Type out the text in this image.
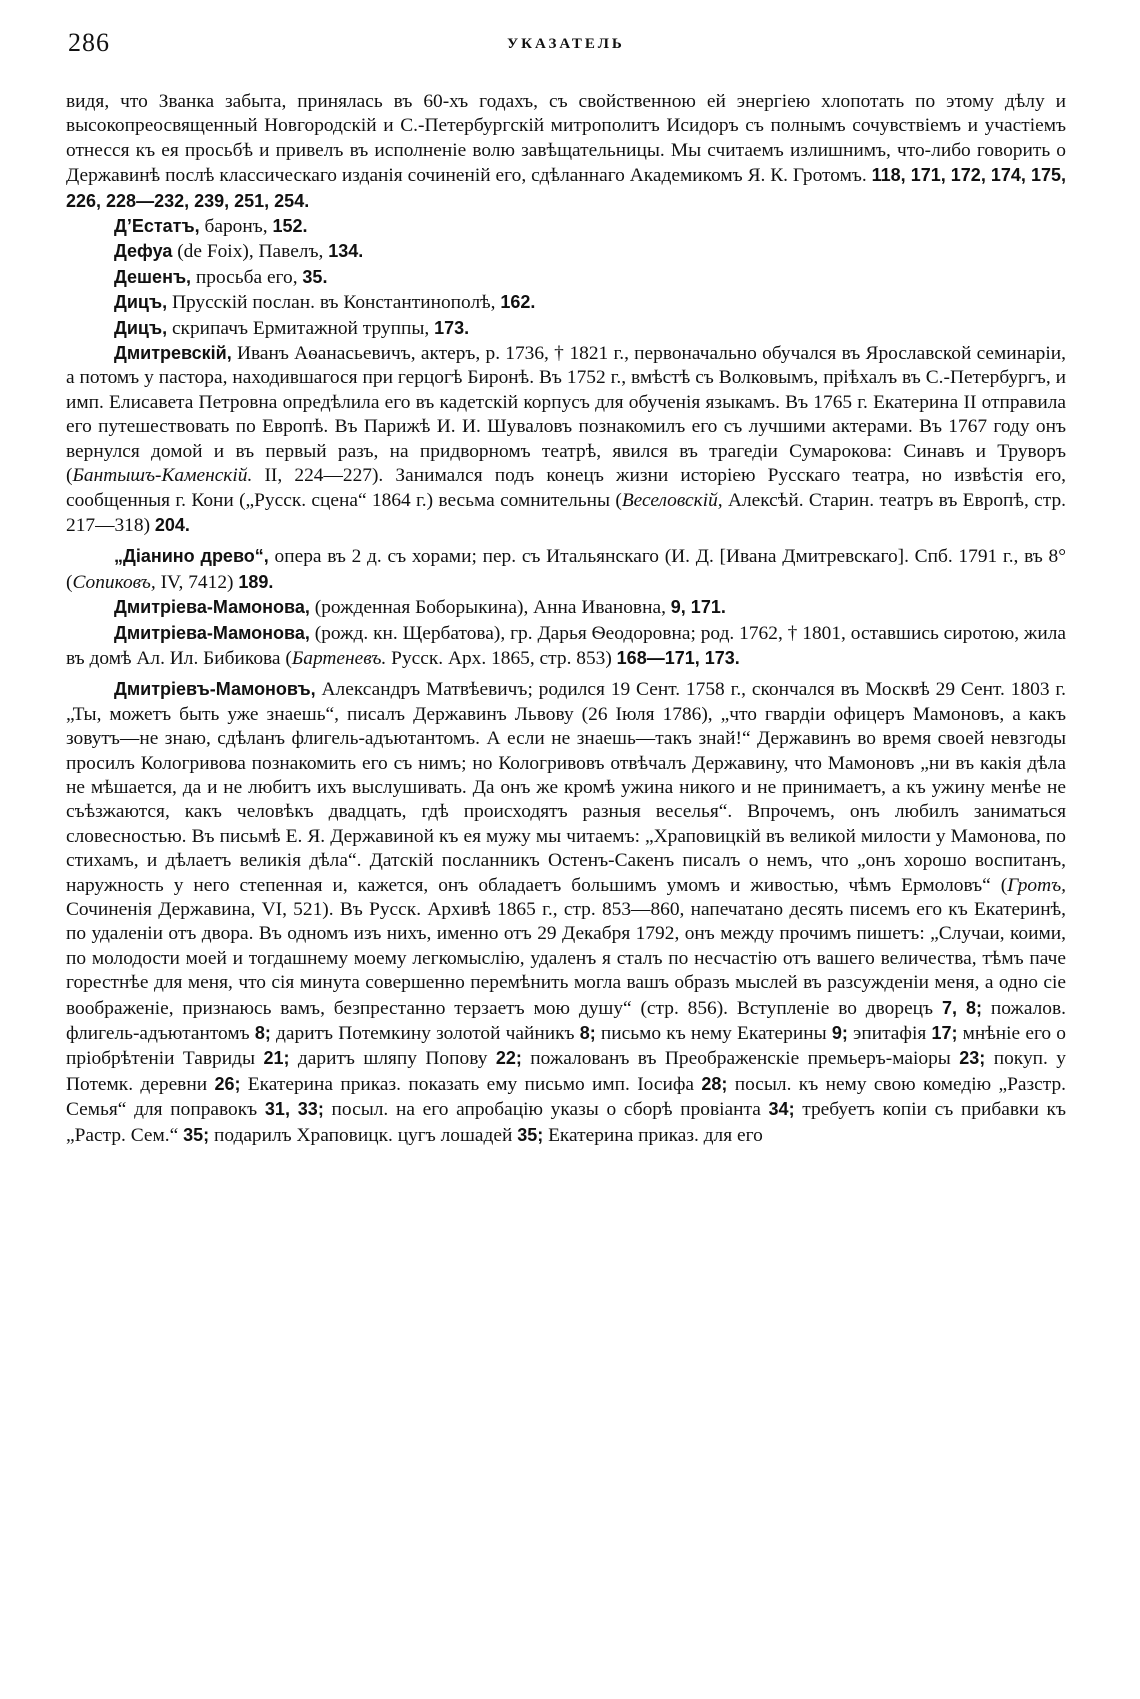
286	УКАЗАТЕЛЬ

видя, что Званка забыта, принялась въ 60-хъ годахъ, съ свойственною ей энергiею хлопотать по этому дѣлу и высокопреосвященный Новгородскiй и С.-Петербургскiй митрополитъ Исидоръ съ полнымъ сочувствiемъ и участiемъ отнесся къ ея просьбѣ и привелъ въ исполненiе волю завѣщательницы. Мы считаемъ излишнимъ, что-либо говорить о Державинѣ послѣ классическаго изданiя сочиненiй его, сдѣланнаго Академикомъ Я. К. Гротомъ. 118, 171, 172, 174, 175, 226, 228—232, 239, 251, 254.

Д’Естатъ, баронъ, 152.

Дефуа (de Foix), Павелъ, 134.

Дешенъ, просьба его, 35.

Дицъ, Прусскiй послан. въ Константинополѣ, 162.

Дицъ, скрипачъ Ермитажной труппы, 173.

Дмитревскiй, Иванъ Аѳанасьевичъ, актеръ, р. 1736, † 1821 г., первоначально обучался въ Ярославской семинарiи, а потомъ у пастора, находившагося при герцогѣ Биронѣ. Въ 1752 г., вмѣстѣ съ Волковымъ, прiѣхалъ въ С.-Петербургъ, и имп. Елисавета Петровна опредѣлила его въ кадетскiй корпусъ для обученiя языкамъ. Въ 1765 г. Екатерина II отправила его путешествовать по Европѣ. Въ Парижѣ И. И. Шуваловъ познакомилъ его съ лучшими актерами. Въ 1767 году онъ вернулся домой и въ первый разъ, на придворномъ театрѣ, явился въ трагедiи Сумарокова: Синавъ и Труворъ (Бантышъ-Каменскiй. II, 224—227). Занимался подъ конецъ жизни исторiею Русскаго театра, но извѣстiя его, сообщенныя г. Кони („Русск. сцена“ 1864 г.) весьма сомнительны (Веселовскiй, Алексѣй. Старин. театръ въ Европѣ, стр. 217—318) 204.

„Дiанино древо“, опера въ 2 д. съ хорами; пер. съ Итальянскаго (И. Д. [Ивана Дмитревскаго]. Спб. 1791 г., въ 8° (Сопиковъ, IV, 7412) 189.

Дмитрiева-Мамонова, (рожденная Боборыкина), Анна Ивановна, 9, 171.

Дмитрiева-Мамонова, (рожд. кн. Щербатова), гр. Дарья Ѳеодоровна; род. 1762, † 1801, оставшись сиротою, жила въ домѣ Ал. Ил. Бибикова (Бартеневъ. Русск. Арх. 1865, стр. 853) 168—171, 173.

Дмитрiевъ-Мамоновъ, Александръ Матвѣевичъ; родился 19 Сент. 1758 г., скончался въ Москвѣ 29 Сент. 1803 г. „Ты, можетъ быть уже знаешь“, писалъ Державинъ Львову (26 Iюля 1786), „что гвардiи офицеръ Мамоновъ, а какъ зовутъ—не знаю, сдѣланъ флигель-адъютантомъ. А если не знаешь—такъ знай!“ Державинъ во время своей невзгоды просилъ Кологривова познакомить его съ нимъ; но Кологривовъ отвѣчалъ Державину, что Мамоновъ „ни въ какiя дѣла не мѣшается, да и не любитъ ихъ выслушивать. Да онъ же кромѣ ужина никого и не принимаетъ, а къ ужину менѣе не съѣзжаются, какъ человѣкъ двадцать, гдѣ происходятъ разныя веселья“. Впрочемъ, онъ любилъ заниматься словесностью. Въ письмѣ Е. Я. Державиной къ ея мужу мы читаемъ: „Храповицкiй въ великой милости у Мамонова, по стихамъ, и дѣлаетъ великiя дѣла“. Датскiй посланникъ Остенъ-Сакенъ писалъ о немъ, что „онъ хорошо воспитанъ, наружность у него степенная и, кажется, онъ обладаетъ большимъ умомъ и живостью, чѣмъ Ермоловъ“ (Гротъ, Сочиненiя Державина, VI, 521). Въ Русск. Архивѣ 1865 г., стр. 853—860, напечатано десять писемъ его къ Екатеринѣ, по удаленiи отъ двора. Въ одномъ изъ нихъ, именно отъ 29 Декабря 1792, онъ между прочимъ пишетъ: „Случаи, коими, по молодости моей и тогдашнему моему легкомыслiю, удаленъ я сталъ по несчастiю отъ вашего величества, тѣмъ паче горестнѣе для меня, что сiя минута совершенно перемѣнить могла вашъ образъ мыслей въ разсужденiи меня, а одно сiе воображенiе, признаюсь вамъ, безпрестанно терзаетъ мою душу“ (стр. 856). Вступленiе во дворецъ 7, 8; пожалов. флигель-адъютантомъ 8; даритъ Потемкину золотой чайникъ 8; письмо къ нему Екатерины 9; эпитафiя 17; мнѣнiе его о прiобрѣтенiи Тавриды 21; даритъ шляпу Попову 22; пожалованъ въ Преображенскiе премьеръ-маiоры 23; покуп. у Потемк. деревни 26; Екатерина приказ. показать ему письмо имп. Iосифа 28; посыл. къ нему свою комедiю „Разстр. Семья“ для поправокъ 31, 33; посыл. на его апробацiю указы о сборѣ провiанта 34; требуетъ копiи съ прибавки къ „Растр. Сем.“ 35; подарилъ Храповицк. цугъ лошадей 35; Екатерина приказ. для его
